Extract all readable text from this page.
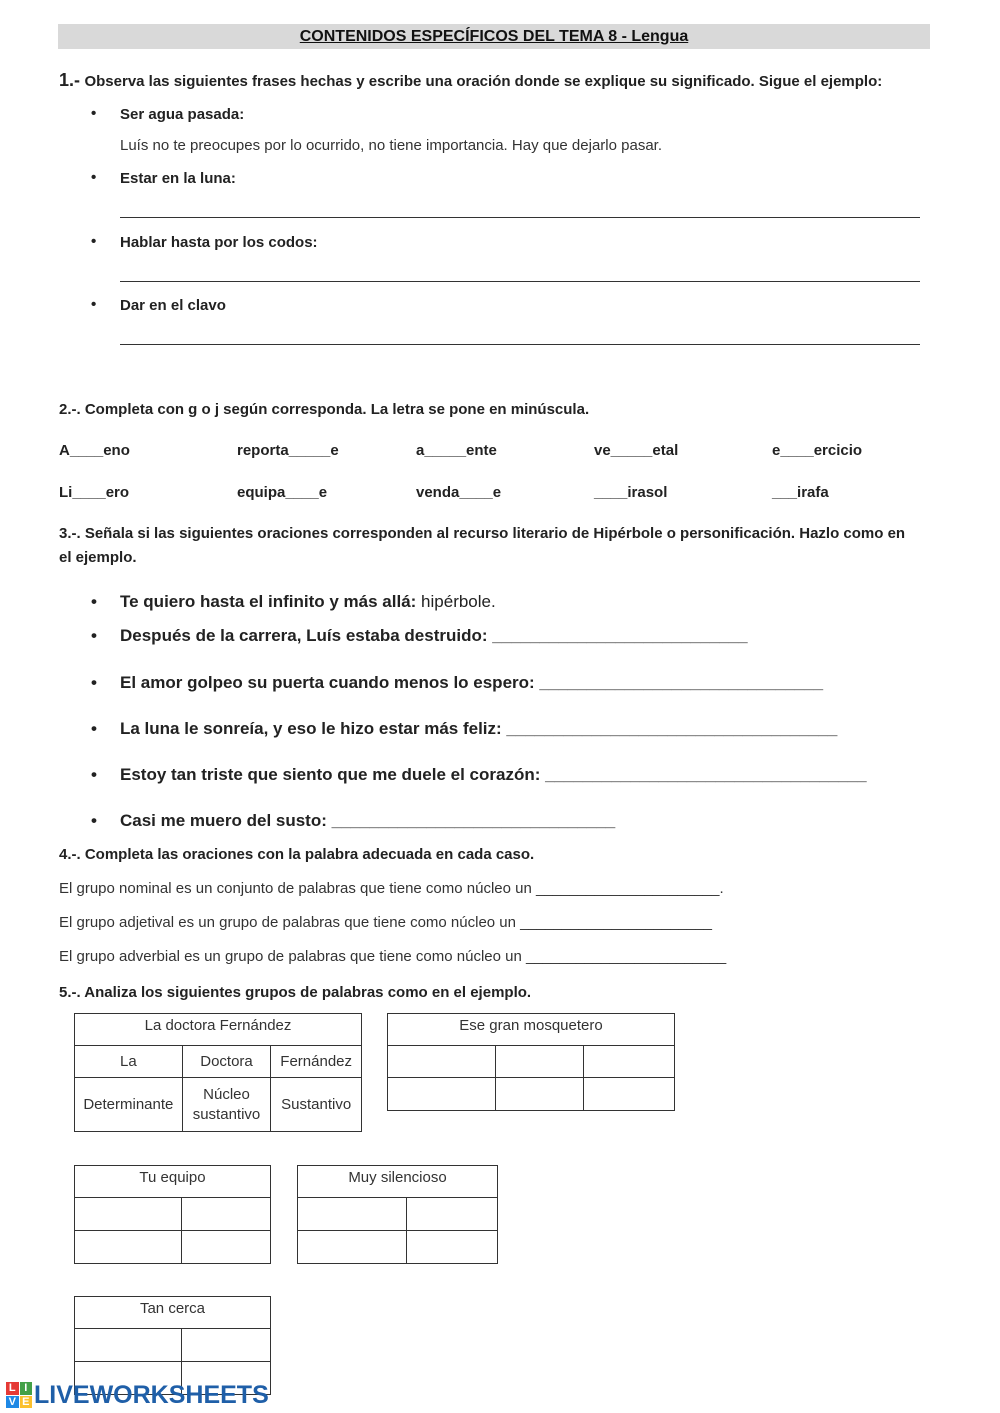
CONTENIDOS ESPECÍFICOS DEL TEMA 8 - Lengua
1.- Observa las siguientes frases hechas y escribe una oración donde se explique su significado. Sigue el ejemplo:
• Ser agua pasada:
Luís no te preocupes por lo ocurrido, no tiene importancia. Hay que dejarlo pasar.
• Estar en la luna:
• Hablar hasta por los codos:
• Dar en el clavo
2.-. Completa con g o j según corresponda. La letra se pone en minúscula.
A____eno	reporta_____e	a_____ente	ve_____etal	e____ercicio
Li____ero	equipa____e	venda____e	____irasol	___irafa
3.-. Señala si las siguientes oraciones corresponden al recurso literario de Hipérbole o personificación. Hazlo como en
el ejemplo.
• Te quiero hasta el infinito y más allá: hipérbole.
• Después de la carrera, Luís estaba destruido: ___________________________
• El amor golpeo su puerta cuando menos lo espero: ______________________________
• La luna le sonreía, y eso le hizo estar más feliz: ___________________________________
• Estoy tan triste que siento que me duele el corazón: __________________________________
• Casi me muero del susto: ______________________________
4.-. Completa las oraciones con la palabra adecuada en cada caso.
El grupo nominal es un conjunto de palabras que tiene como núcleo un ______________________.
El grupo adjetival es un grupo de palabras que tiene como núcleo un _______________________
El grupo adverbial es un grupo de palabras que tiene como núcleo un ________________________
5.-. Analiza los siguientes grupos de palabras como en el ejemplo.
La doctora Fernández		
La	Doctora	Fernández
Determinante	Núcleo sustantivo	Sustantivo
Ese gran mosquetero		

Tu equipo	

		Muy silencioso	

Tan cerca	

L I
V E LIVEWORKSHEETS
